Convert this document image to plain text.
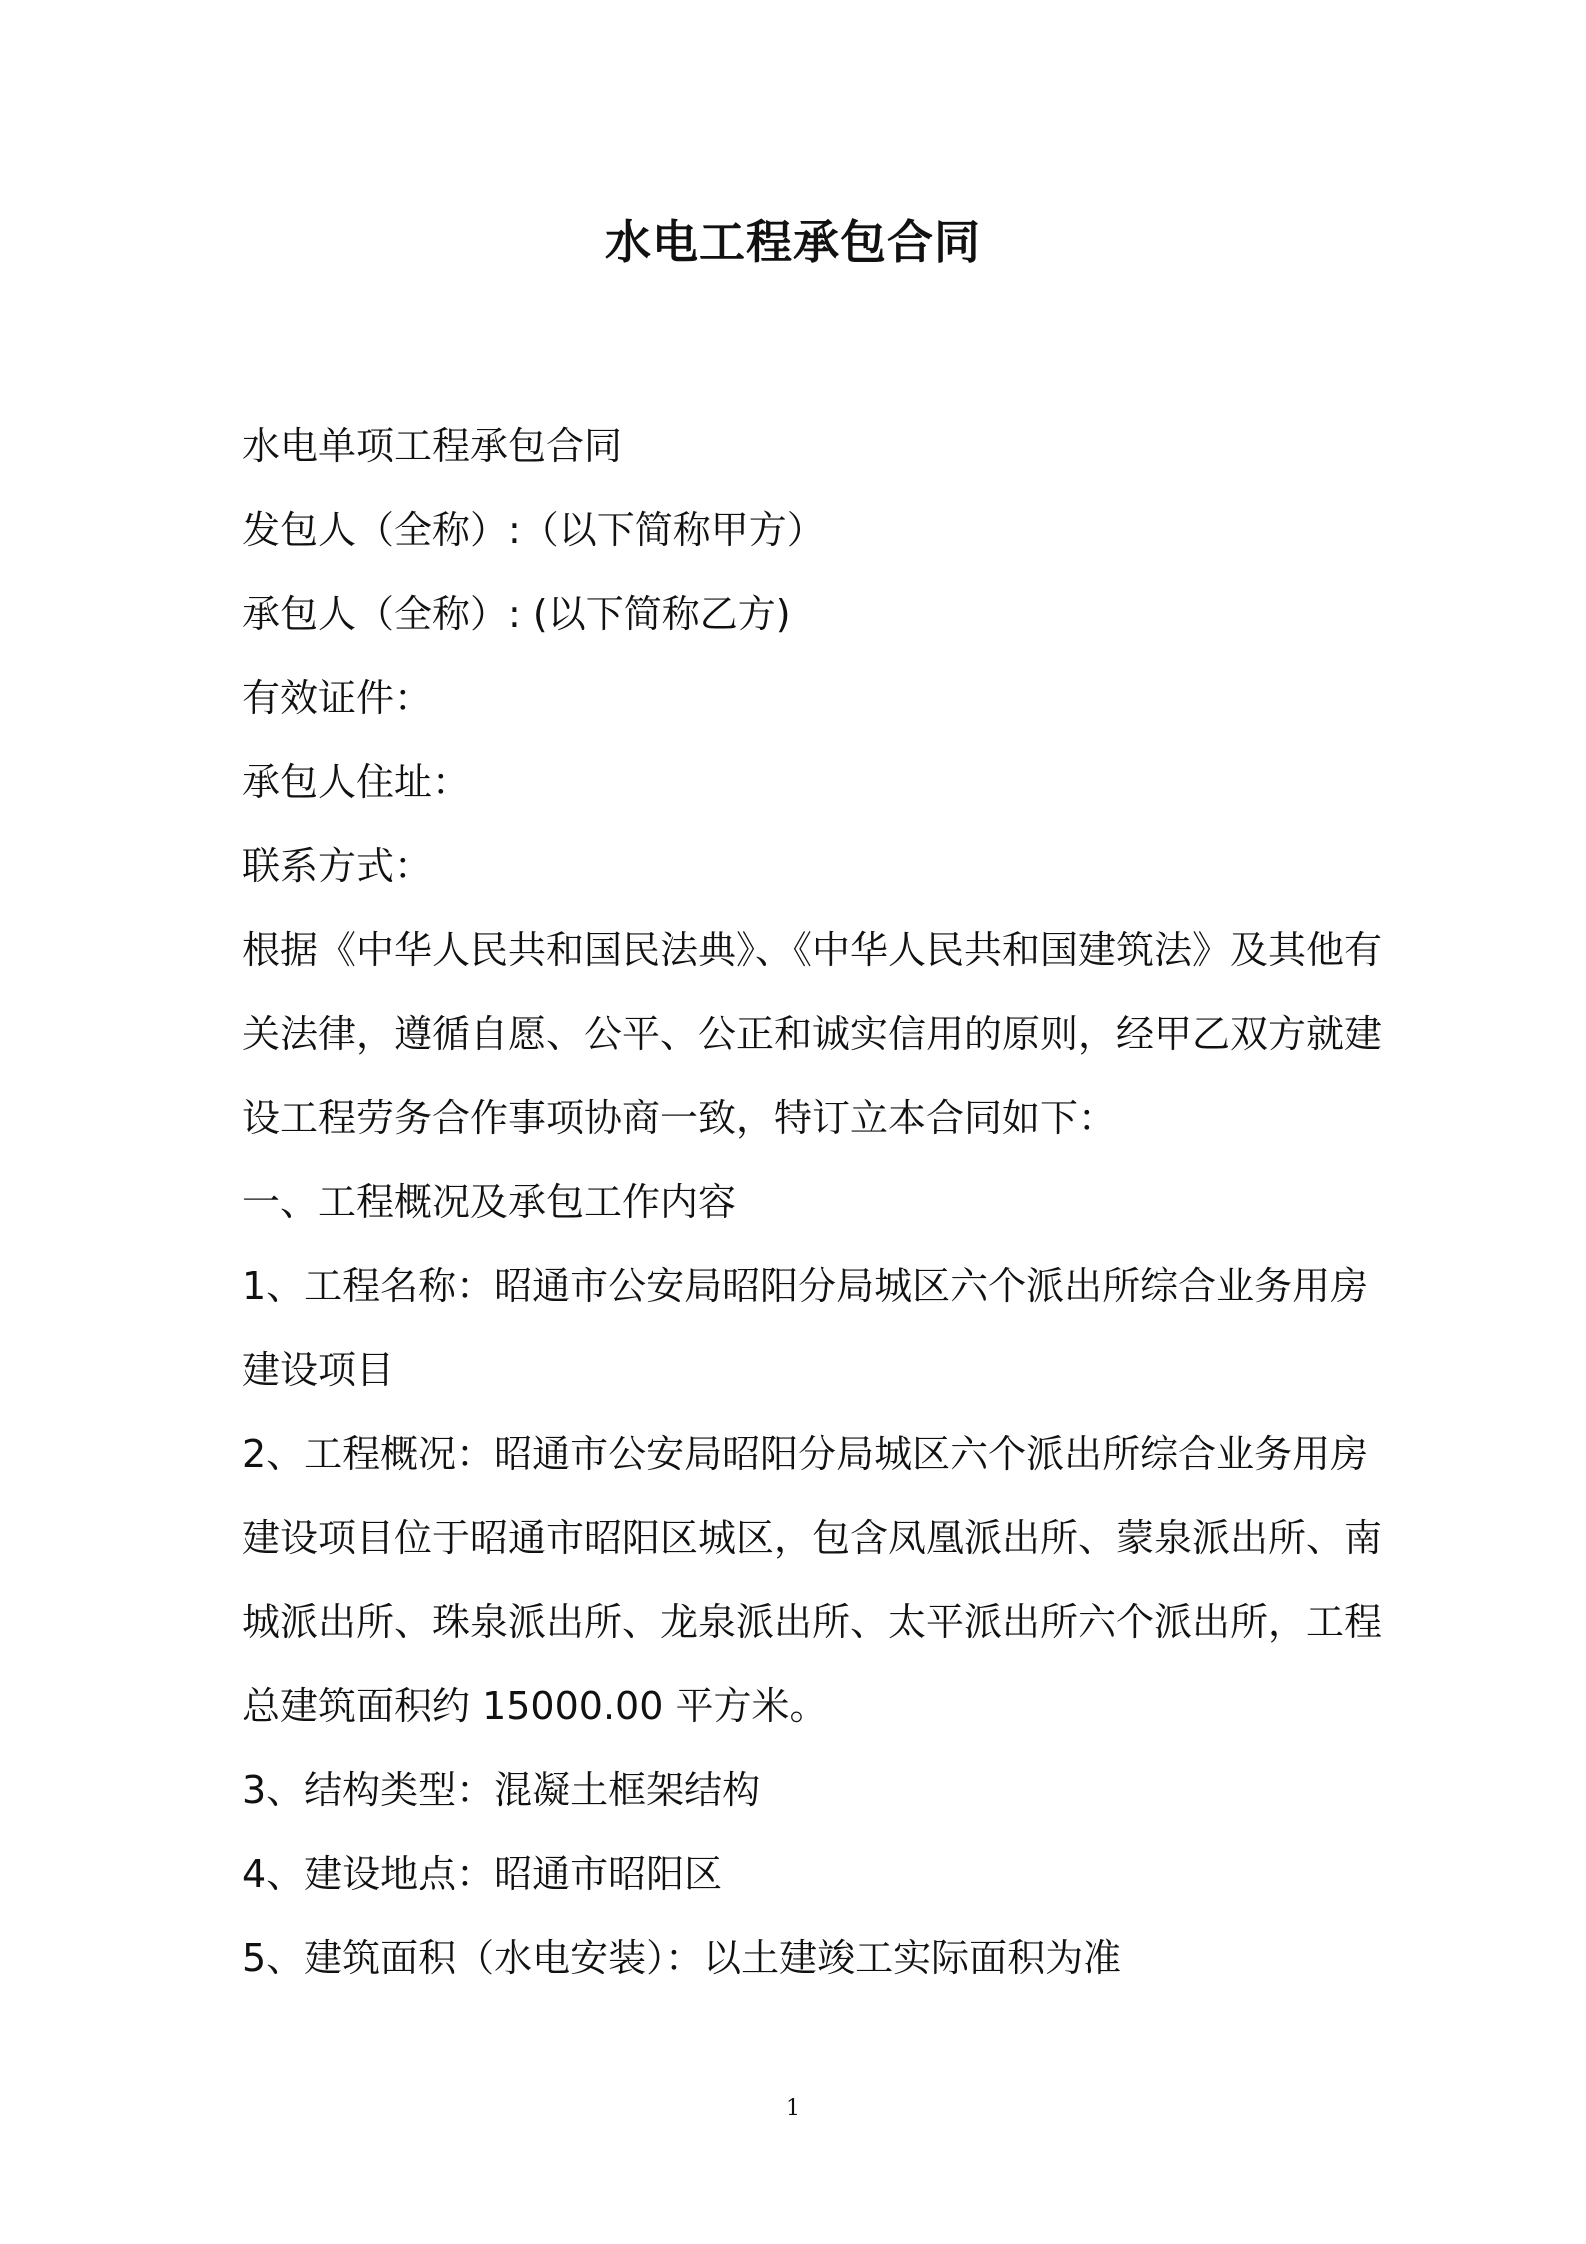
水电工程承包合同
水电单项工程承包合同
发包人（全称）:（以下简称甲方）
承包人（全称）: (以下简称乙方)
有效证件：
承包人住址：
联系方式：
根据《中华人民共和国民法典》、《中华人民共和国建筑法》及其他有
关法律，遵循自愿、公平、公正和诚实信用的原则，经甲乙双方就建
设工程劳务合作事项协商一致，特订立本合同如下：
一、工程概况及承包工作内容
1、工程名称：昭通市公安局昭阳分局城区六个派出所综合业务用房
建设项目
2、工程概况：昭通市公安局昭阳分局城区六个派出所综合业务用房
建设项目位于昭通市昭阳区城区，包含凤凰派出所、蒙泉派出所、南
城派出所、珠泉派出所、龙泉派出所、太平派出所六个派出所，工程
总建筑面积约 15000.00 平方米。
3、结构类型：混凝土框架结构
4、建设地点：昭通市昭阳区
5、建筑面积（水电安装）：以土建竣工实际面积为准
1
